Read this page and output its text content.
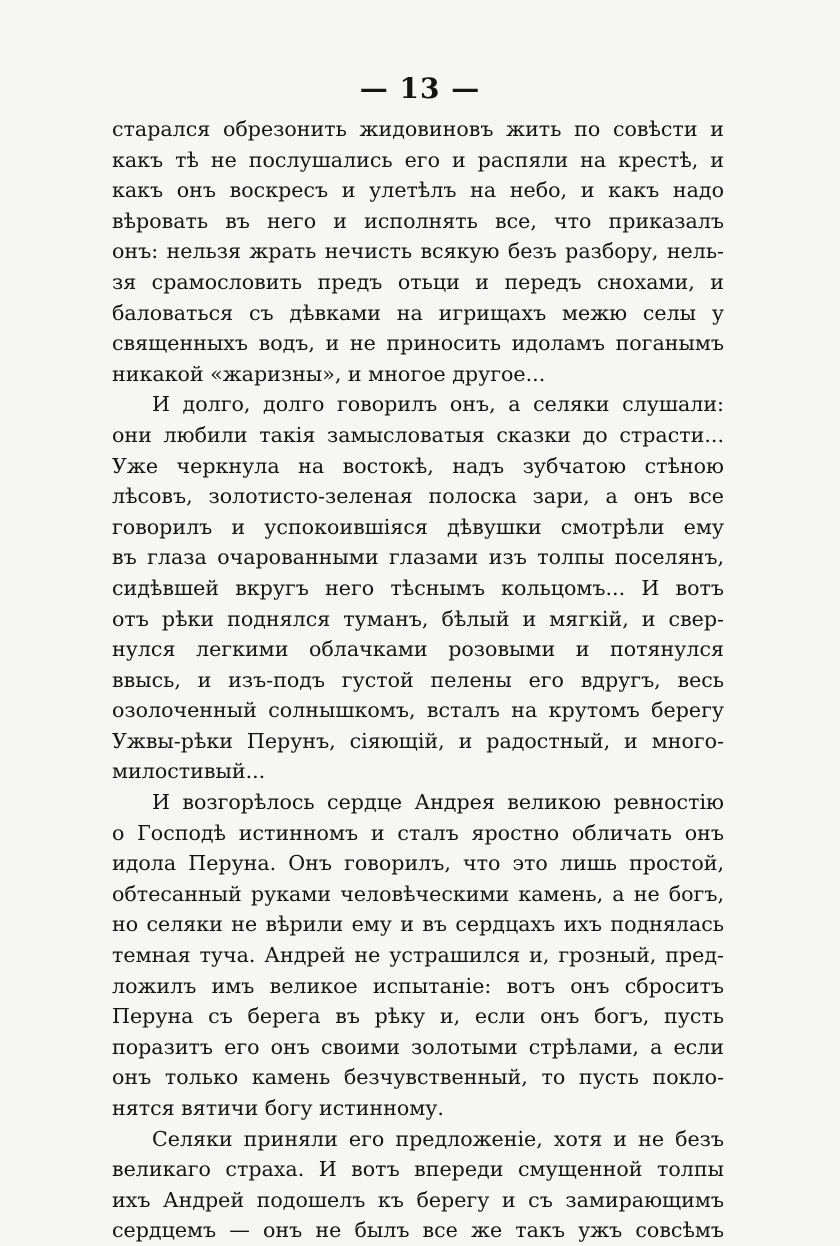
— 13 —
старался обрезонить жидовиновъ жить по совѣсти и
какъ тѣ не послушались его и распяли на крестѣ, и
какъ онъ воскресъ и улетѣлъ на небо, и какъ надо
вѣровать въ него и исполнять все, что приказалъ
онъ: нельзя жрать нечисть всякую безъ разбору, нель-
зя срамословить предъ отьци и передъ снохами, и
баловаться съ дѣвками на игрищахъ межю селы у
священныхъ водъ, и не приносить идоламъ поганымъ
никакой «жаризны», и многое другое...
И долго, долго говорилъ онъ, а селяки слушали:
они любили такія замысловатыя сказки до страсти...
Уже черкнула на востокѣ, надъ зубчатою стѣною
лѣсовъ, золотисто-зеленая полоска зари, а онъ все
говорилъ и успокоившіяся дѣвушки смотрѣли ему
въ глаза очарованными глазами изъ толпы поселянъ,
сидѣвшей вкругъ него тѣснымъ кольцомъ... И вотъ
отъ рѣки поднялся туманъ, бѣлый и мягкій, и свер-
нулся легкими облачками розовыми и потянулся
ввысь, и изъ-подъ густой пелены его вдругъ, весь
озолоченный солнышкомъ, всталъ на крутомъ берегу
Ужвы-рѣки Перунъ, сіяющій, и радостный, и много-
милостивый...
И возгорѣлось сердце Андрея великою ревностію
о Господѣ истинномъ и сталъ яростно обличать онъ
идола Перуна. Онъ говорилъ, что это лишь простой,
обтесанный руками человѣческими камень, а не богъ,
но селяки не вѣрили ему и въ сердцахъ ихъ поднялась
темная туча. Андрей не устрашился и, грозный, пред-
ложилъ имъ великое испытаніе: вотъ онъ сброситъ
Перуна съ берега въ рѣку и, если онъ богъ, пусть
поразитъ его онъ своими золотыми стрѣлами, а если
онъ только камень безчувственный, то пусть покло-
нятся вятичи богу истинному.
Селяки приняли его предложеніе, хотя и не безъ
великаго страха. И вотъ впереди смущенной толпы
ихъ Андрей подошелъ къ берегу и съ замирающимъ
сердцемъ — онъ не былъ все же такъ ужъ совсѣмъ
